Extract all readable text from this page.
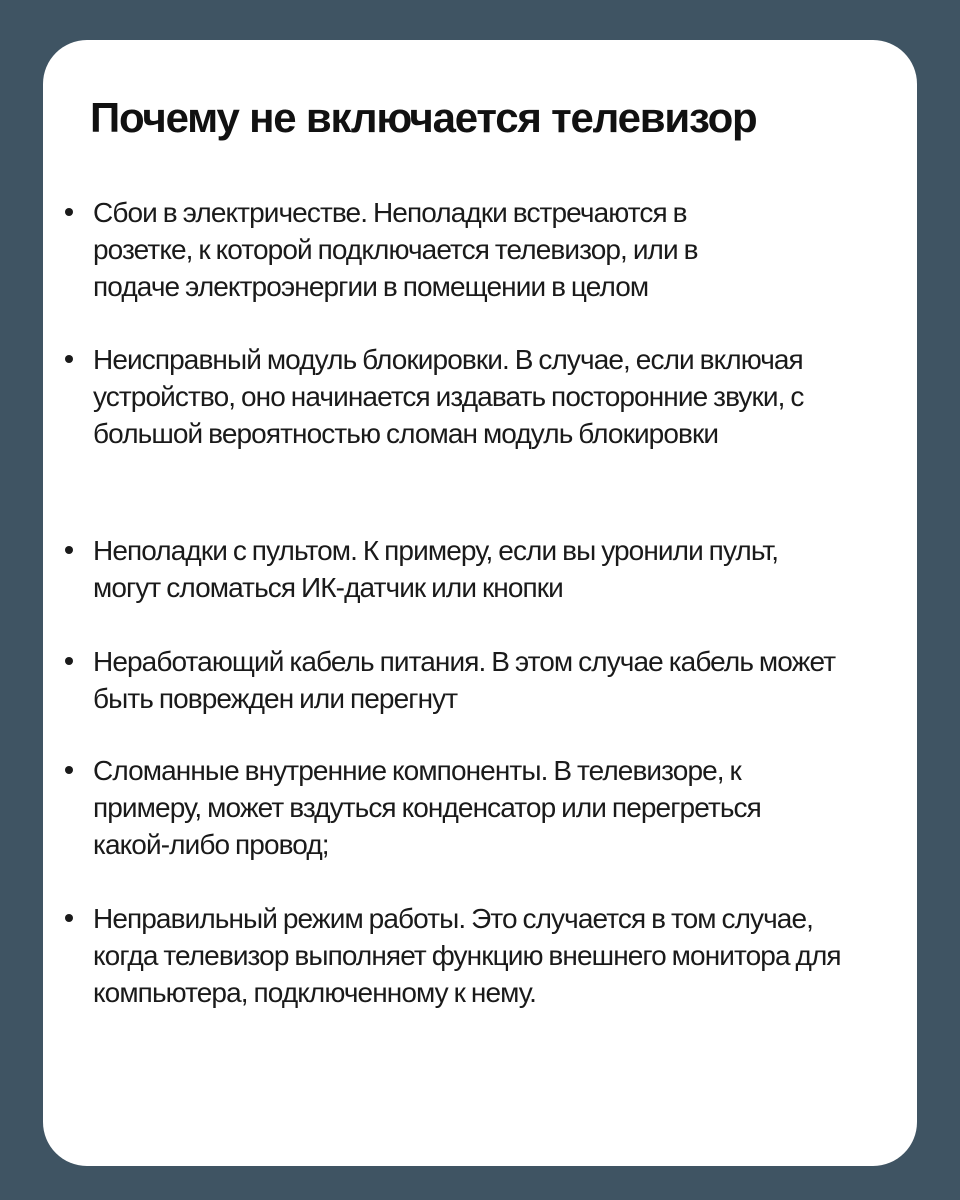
Почему не включается телевизор
Сбои в электричестве. Неполадки встречаются в розетке, к которой подключается телевизор, или в подаче электроэнергии в помещении в целом
Неисправный модуль блокировки. В случае, если включая устройство, оно начинается издавать посторонние звуки, с большой вероятностью сломан модуль блокировки
Неполадки с пультом. К примеру, если вы уронили пульт, могут сломаться ИК-датчик или кнопки
Неработающий кабель питания. В этом случае кабель может быть поврежден или перегнут
Сломанные внутренние компоненты. В телевизоре, к примеру, может вздуться конденсатор или перегреться какой-либо провод;
Неправильный режим работы. Это случается в том случае, когда телевизор выполняет функцию внешнего монитора для компьютера, подключенному к нему.
